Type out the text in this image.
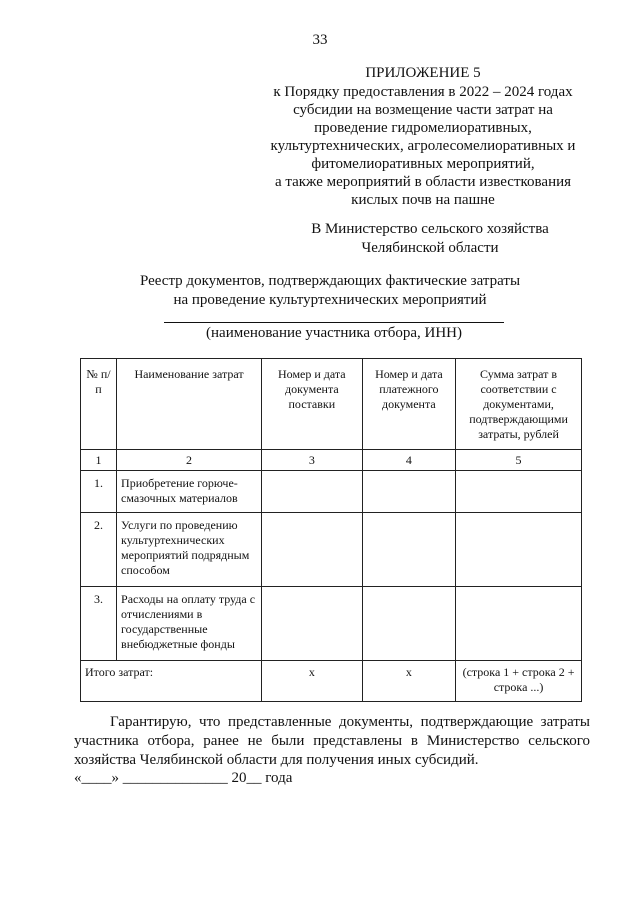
33
ПРИЛОЖЕНИЕ 5
к Порядку предоставления в 2022 – 2024 годах
субсидии на возмещение части затрат на
проведение гидромелиоративных,
культуртехнических, агролесомелиоративных и
фитомелиоративных мероприятий,
а также мероприятий в области известкования
кислых почв на пашне
В Министерство сельского хозяйства
Челябинской области
Реестр документов, подтверждающих фактические затраты
на проведение культуртехнических мероприятий
(наименование участника отбора, ИНН)
№ п/п	Наименование затрат	Номер и дата документа поставки	Номер и дата платежного документа	Сумма затрат в соответствии с документами, подтверждающими затраты, рублей
1	2	3	4	5
1.	Приобретение горюче-смазочных материалов			
2.	Услуги по проведению культуртехнических мероприятий подрядным способом			
3.	Расходы на оплату труда с отчислениями в государственные внебюджетные фонды			
Итого затрат:		х	х	(строка 1 + строка 2 + строка ...)
Гарантирую, что представленные документы, подтверждающие затраты участника отбора, ранее не были представлены в Министерство сельского хозяйства Челябинской области для получения иных субсидий.
«____» ______________ 20__ года
